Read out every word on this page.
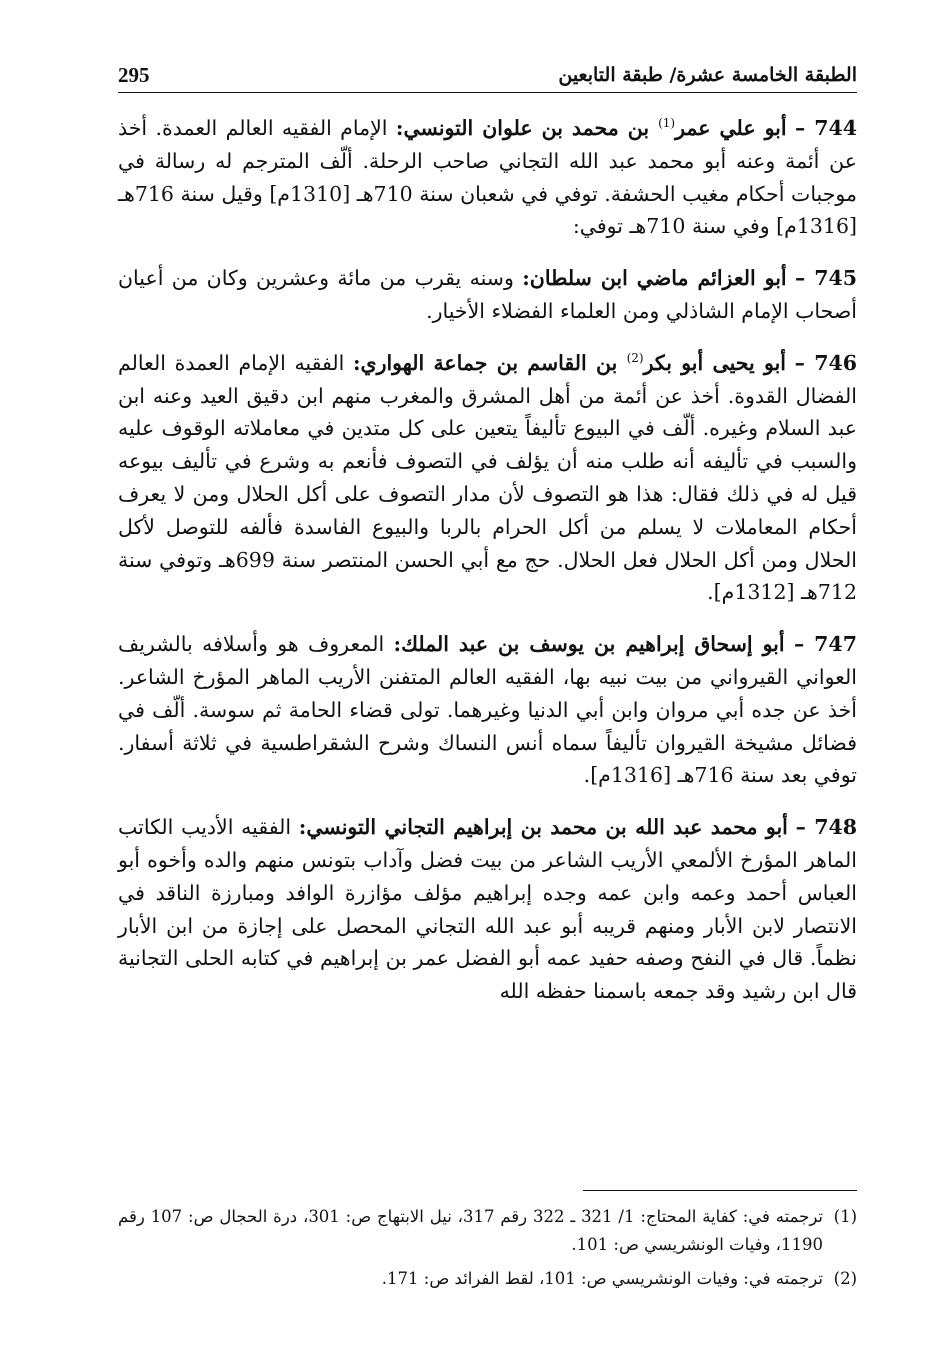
الطبقة الخامسة عشرة/ طبقة التابعين
295

744 – أبو علي عمر$^{(1)}$ بن محمد بن علوان التونسي: الإمام الفقيه العالم العمدة. أخذ عن أئمة وعنه أبو محمد عبد الله التجاني صاحب الرحلة. ألّف المترجم له رسالة في موجبات أحكام مغيب الحشفة. توفي في شعبان سنة 710هـ [1310م] وقيل سنة 716هـ [1316م] وفي سنة 710هـ توفي:

745 – أبو العزائم ماضي ابن سلطان: وسنه يقرب من مائة وعشرين وكان من أعيان أصحاب الإمام الشاذلي ومن العلماء الفضلاء الأخيار.

746 – أبو يحيى أبو بكر$^{(2)}$ بن القاسم بن جماعة الهواري: الفقيه الإمام العمدة العالم الفضال القدوة. أخذ عن أئمة من أهل المشرق والمغرب منهم ابن دقيق العيد وعنه ابن عبد السلام وغيره. ألّف في البيوع تأليفاً يتعين على كل متدين في معاملاته الوقوف عليه والسبب في تأليفه أنه طلب منه أن يؤلف في التصوف فأنعم به وشرع في تأليف بيوعه قيل له في ذلك فقال: هذا هو التصوف لأن مدار التصوف على أكل الحلال ومن لا يعرف أحكام المعاملات لا يسلم من أكل الحرام بالربا والبيوع الفاسدة فألفه للتوصل لأكل الحلال ومن أكل الحلال فعل الحلال. حج مع أبي الحسن المنتصر سنة 699هـ وتوفي سنة 712هـ [1312م].

747 – أبو إسحاق إبراهيم بن يوسف بن عبد الملك: المعروف هو وأسلافه بالشريف العواني القيرواني من بيت نبيه بها، الفقيه العالم المتفنن الأريب الماهر المؤرخ الشاعر. أخذ عن جده أبي مروان وابن أبي الدنيا وغيرهما. تولى قضاء الحامة ثم سوسة. ألّف في فضائل مشيخة القيروان تأليفاً سماه أنس النساك وشرح الشقراطسية في ثلاثة أسفار. توفي بعد سنة 716هـ [1316م].

748 – أبو محمد عبد الله بن محمد بن إبراهيم التجاني التونسي: الفقيه الأديب الكاتب الماهر المؤرخ الألمعي الأريب الشاعر من بيت فضل وآداب بتونس منهم والده وأخوه أبو العباس أحمد وعمه وابن عمه وجده إبراهيم مؤلف مؤازرة الوافد ومبارزة الناقد في الانتصار لابن الأبار ومنهم قريبه أبو عبد الله التجاني المحصل على إجازة من ابن الأبار نظماً. قال في النفح وصفه حفيد عمه أبو الفضل عمر بن إبراهيم في كتابه الحلى التجانية قال ابن رشيد وقد جمعه باسمنا حفظه الله

(1)
ترجمته في: كفاية المحتاج: 1/ 321 ـ 322 رقم 317، نيل الابتهاج ص: 301، درة الحجال ص: 107 رقم 1190، وفيات الونشريسي ص: 101.
(2)
ترجمته في: وفيات الونشريسي ص: 101، لقط الفرائد ص: 171.
